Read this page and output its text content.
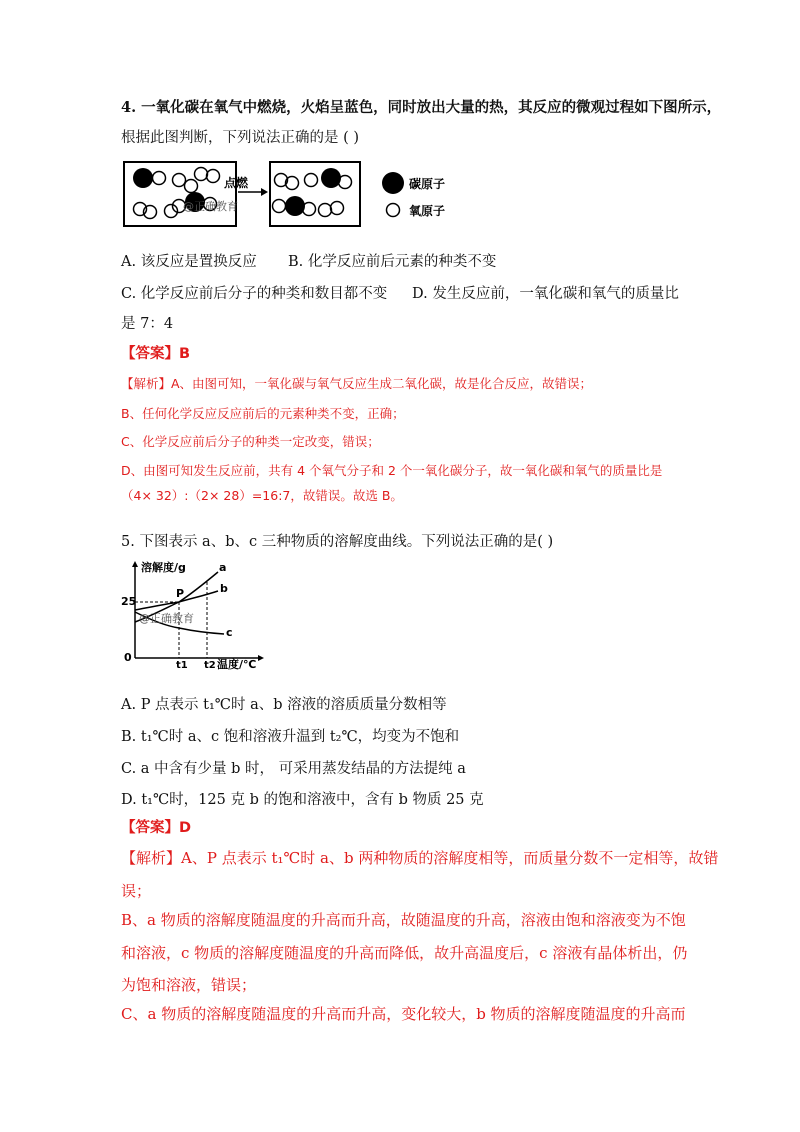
4. 一氧化碳在氧气中燃烧，火焰呈蓝色，同时放出大量的热，其反应的微观过程如下图所示，
根据此图判断，下列说法正确的是 ( )
@正确教育
点燃	碳原子
氧原子
A. 该反应是置换反应 B. 化学反应前后元素的种类不变
C. 化学反应前后分子的种类和数目都不变 D. 发生反应前，一氧化碳和氧气的质量比
是 7：4
【答案】B
【解析】A、由图可知，一氧化碳与氧气反应生成二氧化碳，故是化合反应，故错误；
B、任何化学反应反应前后的元素种类不变，正确；
C、化学反应前后分子的种类一定改变，错误；
D、由图可知发生反应前，共有 4 个氧气分子和 2 个一氧化碳分子，故一氧化碳和氧气的质量比是
（4× 32）:（2× 28）=16:7，故错误。故选 B。
5. 下图表示 a、b、c 三种物质的溶解度曲线。下列说法正确的是( )
溶解度/g
25
0
t1 t2 温度/℃
a
b
c
P
@正确教育
A. P 点表示 t₁℃时 a、b 溶液的溶质质量分数相等
B. t₁℃时 a、c 饱和溶液升温到 t₂℃，均变为不饱和
C. a 中含有少量 b 时， 可采用蒸发结晶的方法提纯 a
D. t₁℃时，125 克 b 的饱和溶液中，含有 b 物质 25 克
【答案】D
【解析】A、P 点表示 t₁℃时 a、b 两种物质的溶解度相等，而质量分数不一定相等，故错
误；
B、a 物质的溶解度随温度的升高而升高，故随温度的升高，溶液由饱和溶液变为不饱
和溶液，c 物质的溶解度随温度的升高而降低，故升高温度后，c 溶液有晶体析出，仍
为饱和溶液，错误；
C、a 物质的溶解度随温度的升高而升高，变化较大，b 物质的溶解度随温度的升高而
